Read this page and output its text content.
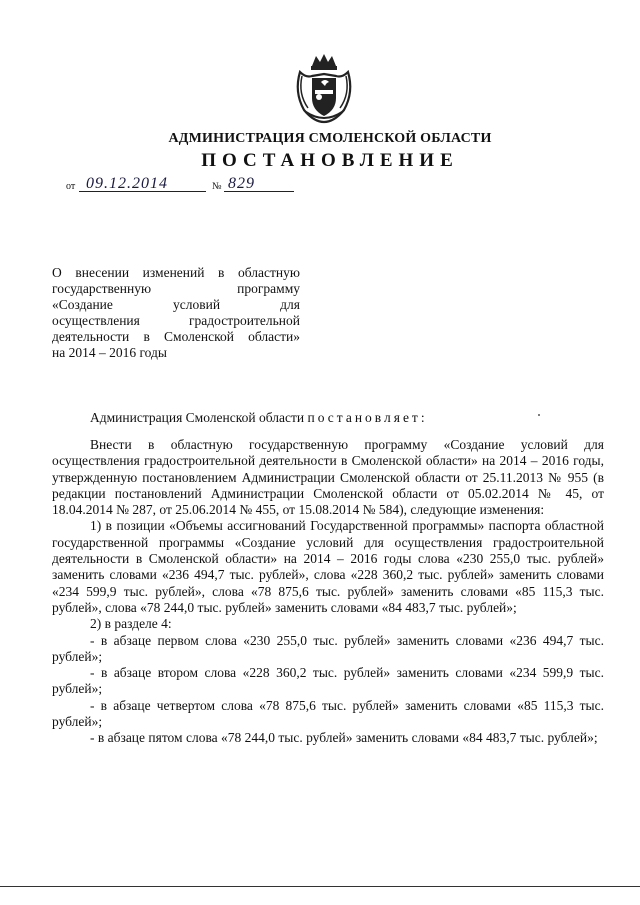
АДМИНИСТРАЦИЯ СМОЛЕНСКОЙ ОБЛАСТИ
ПОСТАНОВЛЕНИЕ
от 09.12.2014	№ 829
О внесении изменений в областную
государственную программу
«Создание условий для
осуществления градостроительной
деятельности в Смоленской области»
на 2014 – 2016 годы
Администрация Смоленской области постановляет:

Внести в областную государственную программу «Создание условий для осуществления градостроительной деятельности в Смоленской области» на 2014 – 2016 годы, утвержденную постановлением Администрации Смоленской области от 25.11.2013 № 955 (в редакции постановлений Администрации Смоленской области от 05.02.2014 № 45, от 18.04.2014 № 287, от 25.06.2014 № 455, от 15.08.2014 № 584), следующие изменения:

1) в позиции «Объемы ассигнований Государственной программы» паспорта областной государственной программы «Создание условий для осуществления градостроительной деятельности в Смоленской области» на 2014 – 2016 годы слова «230 255,0 тыс. рублей» заменить словами «236 494,7 тыс. рублей», слова «228 360,2 тыс. рублей» заменить словами «234 599,9 тыс. рублей», слова «78 875,6 тыс. рублей» заменить словами «85 115,3 тыс. рублей», слова «78 244,0 тыс. рублей» заменить словами «84 483,7 тыс. рублей»;

2) в разделе 4:

- в абзаце первом слова «230 255,0 тыс. рублей» заменить словами «236 494,7 тыс. рублей»;

- в абзаце втором слова «228 360,2 тыс. рублей» заменить словами «234 599,9 тыс. рублей»;

- в абзаце четвертом слова «78 875,6 тыс. рублей» заменить словами «85 115,3 тыс. рублей»;

- в абзаце пятом слова «78 244,0 тыс. рублей» заменить словами «84 483,7 тыс. рублей»;
